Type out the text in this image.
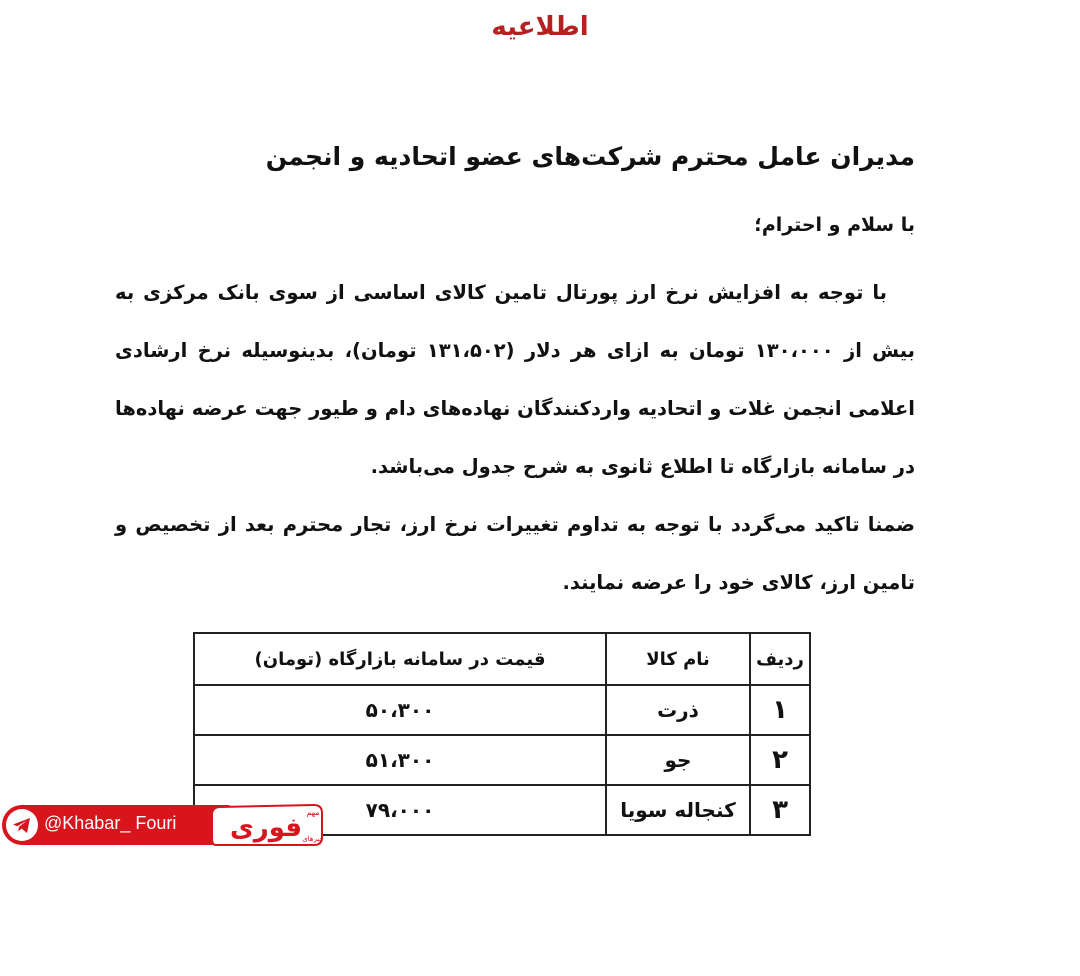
اطلاعیه
مدیران عامل محترم شرکت‌های عضو اتحادیه و انجمن
با سلام و احترام؛

با توجه به افزایش نرخ ارز پورتال تامین کالای اساسی از سوی بانک مرکزی به بیش از ۱۳۰،۰۰۰ تومان به ازای هر دلار (۱۳۱،۵۰۲ تومان)، بدینوسیله نرخ ارشادی اعلامی انجمن غلات و اتحادیه واردکنندگان نهاده‌های دام و طیور جهت عرضه نهاده‌ها در سامانه بازارگاه تا اطلاع ثانوی به شرح جدول می‌باشد.

ضمنا تاکید می‌گردد با توجه به تداوم تغییرات نرخ ارز، تجار محترم بعد از تخصیص و تامین ارز، کالای خود را عرضه نمایند.

ردیف	نام کالا	قیمت در سامانه بازارگاه (تومان)
۱	ذرت	۵۰،۳۰۰
۲	جو	۵۱،۳۰۰
۳	کنجاله سویا	۷۹،۰۰۰
@Khabar_ Fouri فوری
مهم
خبرهای
